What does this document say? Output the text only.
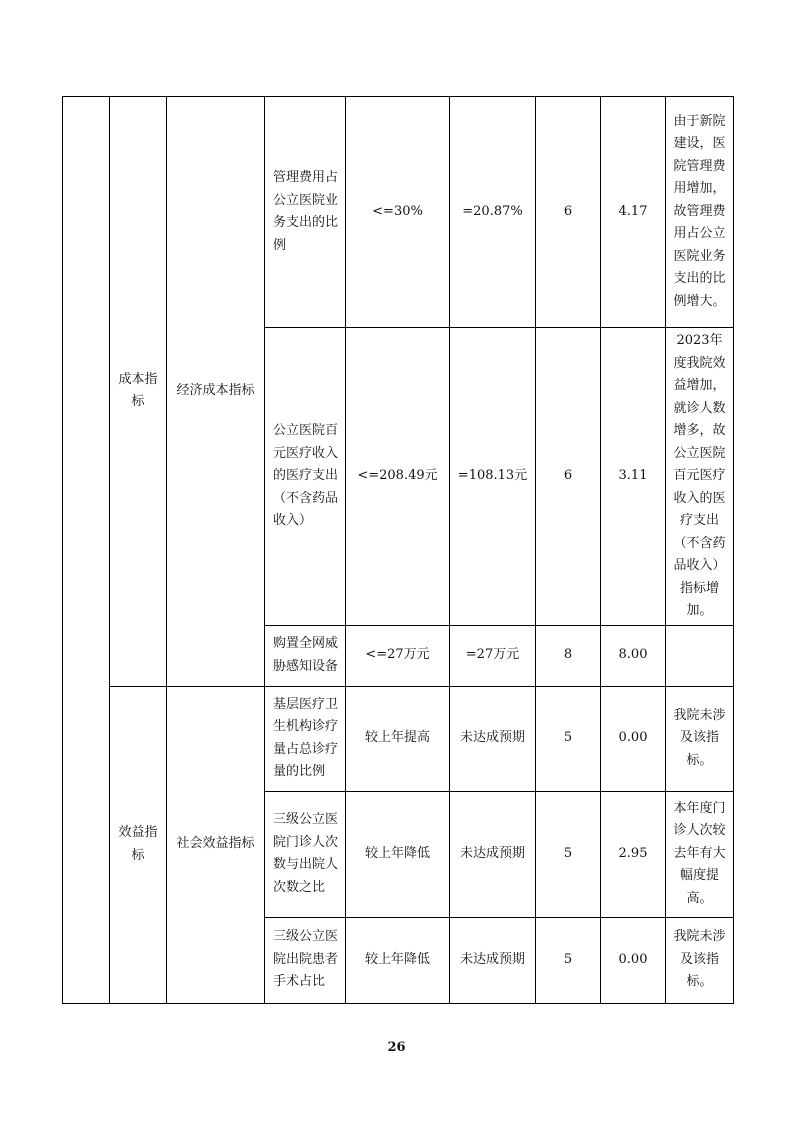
	成本指标	经济成本指标	管理费用占公立医院业务支出的比例	<=30%	=20.87%	6	4.17	由于新院建设，医院管理费用增加，故管理费用占公立医院业务支出的比例增大。
			公立医院百元医疗收入的医疗支出（不含药品收入）	<=208.49元	=108.13元	6	3.11	2023年度我院效益增加，就诊人数增多，故公立医院百元医疗收入的医疗支出（不含药品收入）指标增加。
			购置全网威胁感知设备	<=27万元	=27万元	8	8.00	
	效益指标	社会效益指标	基层医疗卫生机构诊疗量占总诊疗量的比例	较上年提高	未达成预期	5	0.00	我院未涉及该指标。
			三级公立医院门诊人次数与出院人次数之比	较上年降低	未达成预期	5	2.95	本年度门诊人次较去年有大幅度提高。
			三级公立医院出院患者手术占比	较上年降低	未达成预期	5	0.00	我院未涉及该指标。
26
